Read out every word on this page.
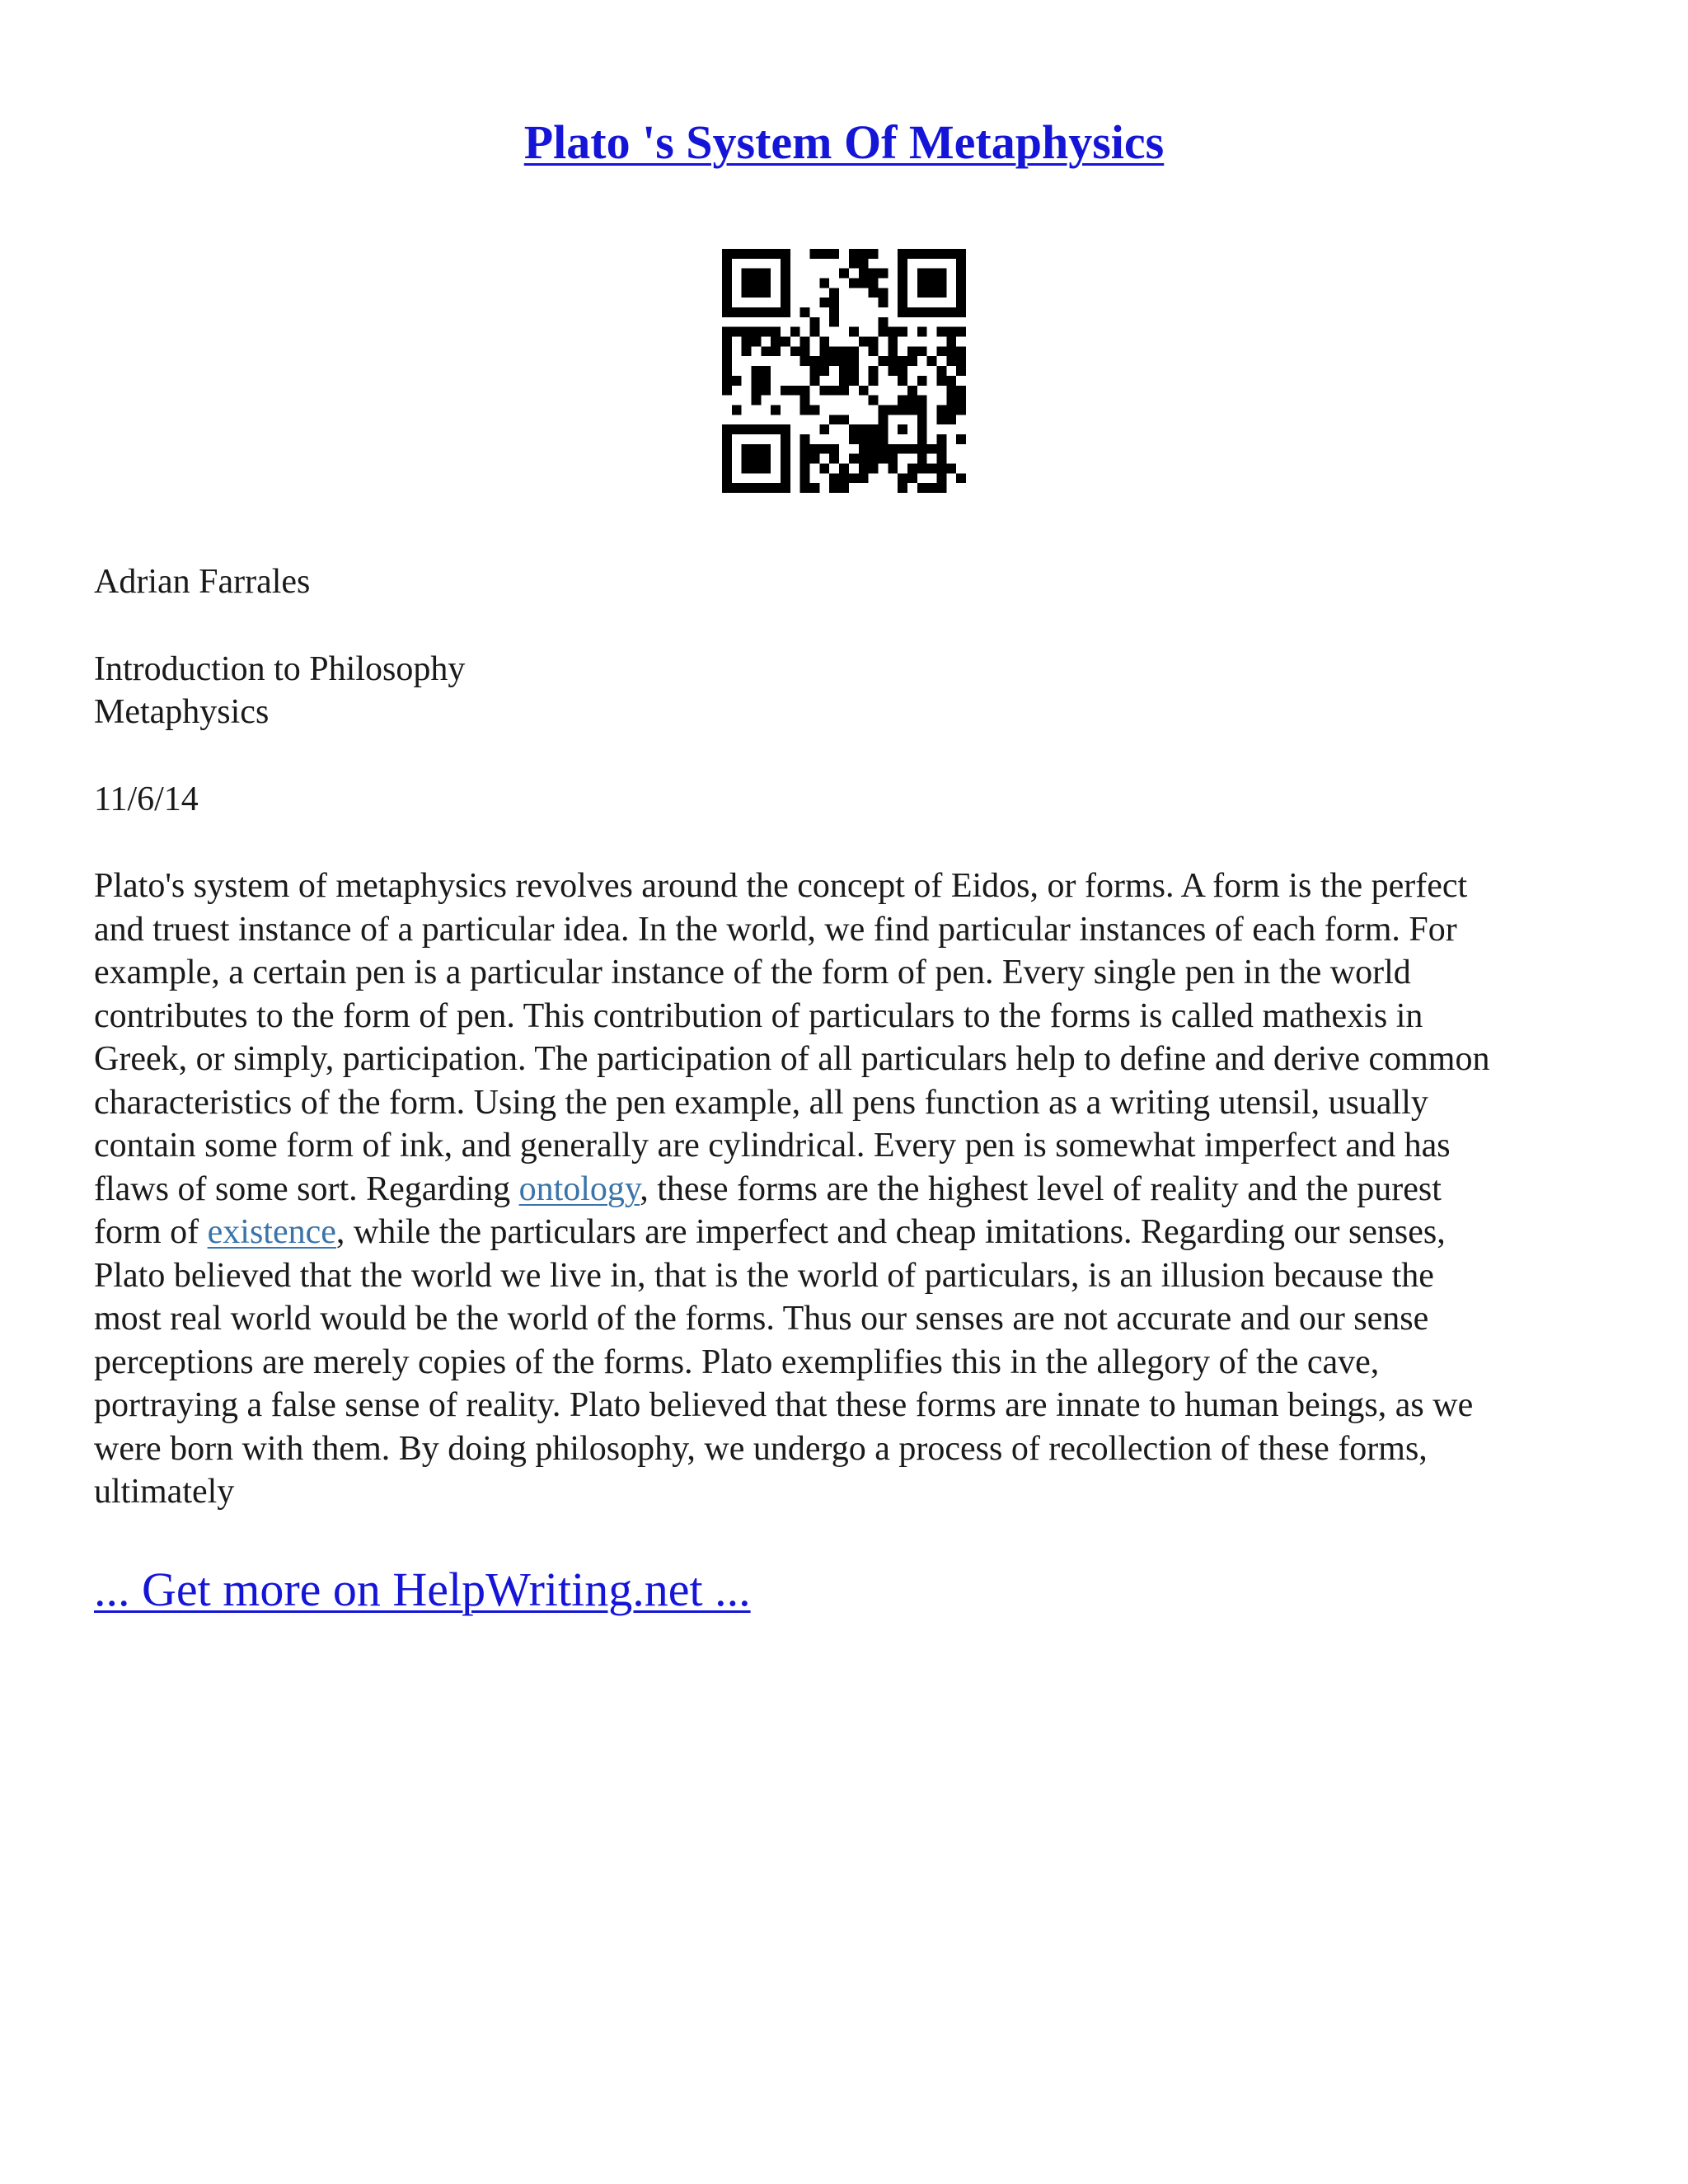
Plato 's System Of Metaphysics

Adrian Farrales

Introduction to Philosophy

Metaphysics

11/6/14

Plato's system of metaphysics revolves around the concept of Eidos, or forms. A form is the perfect
and truest instance of a particular idea. In the world, we find particular instances of each form. For
example, a certain pen is a particular instance of the form of pen. Every single pen in the world
contributes to the form of pen. This contribution of particulars to the forms is called mathexis in
Greek, or simply, participation. The participation of all particulars help to define and derive common
characteristics of the form. Using the pen example, all pens function as a writing utensil, usually
contain some form of ink, and generally are cylindrical. Every pen is somewhat imperfect and has
flaws of some sort. Regarding ontology, these forms are the highest level of reality and the purest
form of existence, while the particulars are imperfect and cheap imitations. Regarding our senses,
Plato believed that the world we live in, that is the world of particulars, is an illusion because the
most real world would be the world of the forms. Thus our senses are not accurate and our sense
perceptions are merely copies of the forms. Plato exemplifies this in the allegory of the cave,
portraying a false sense of reality. Plato believed that these forms are innate to human beings, as we
were born with them. By doing philosophy, we undergo a process of recollection of these forms,
ultimately

... Get more on HelpWriting.net ...
